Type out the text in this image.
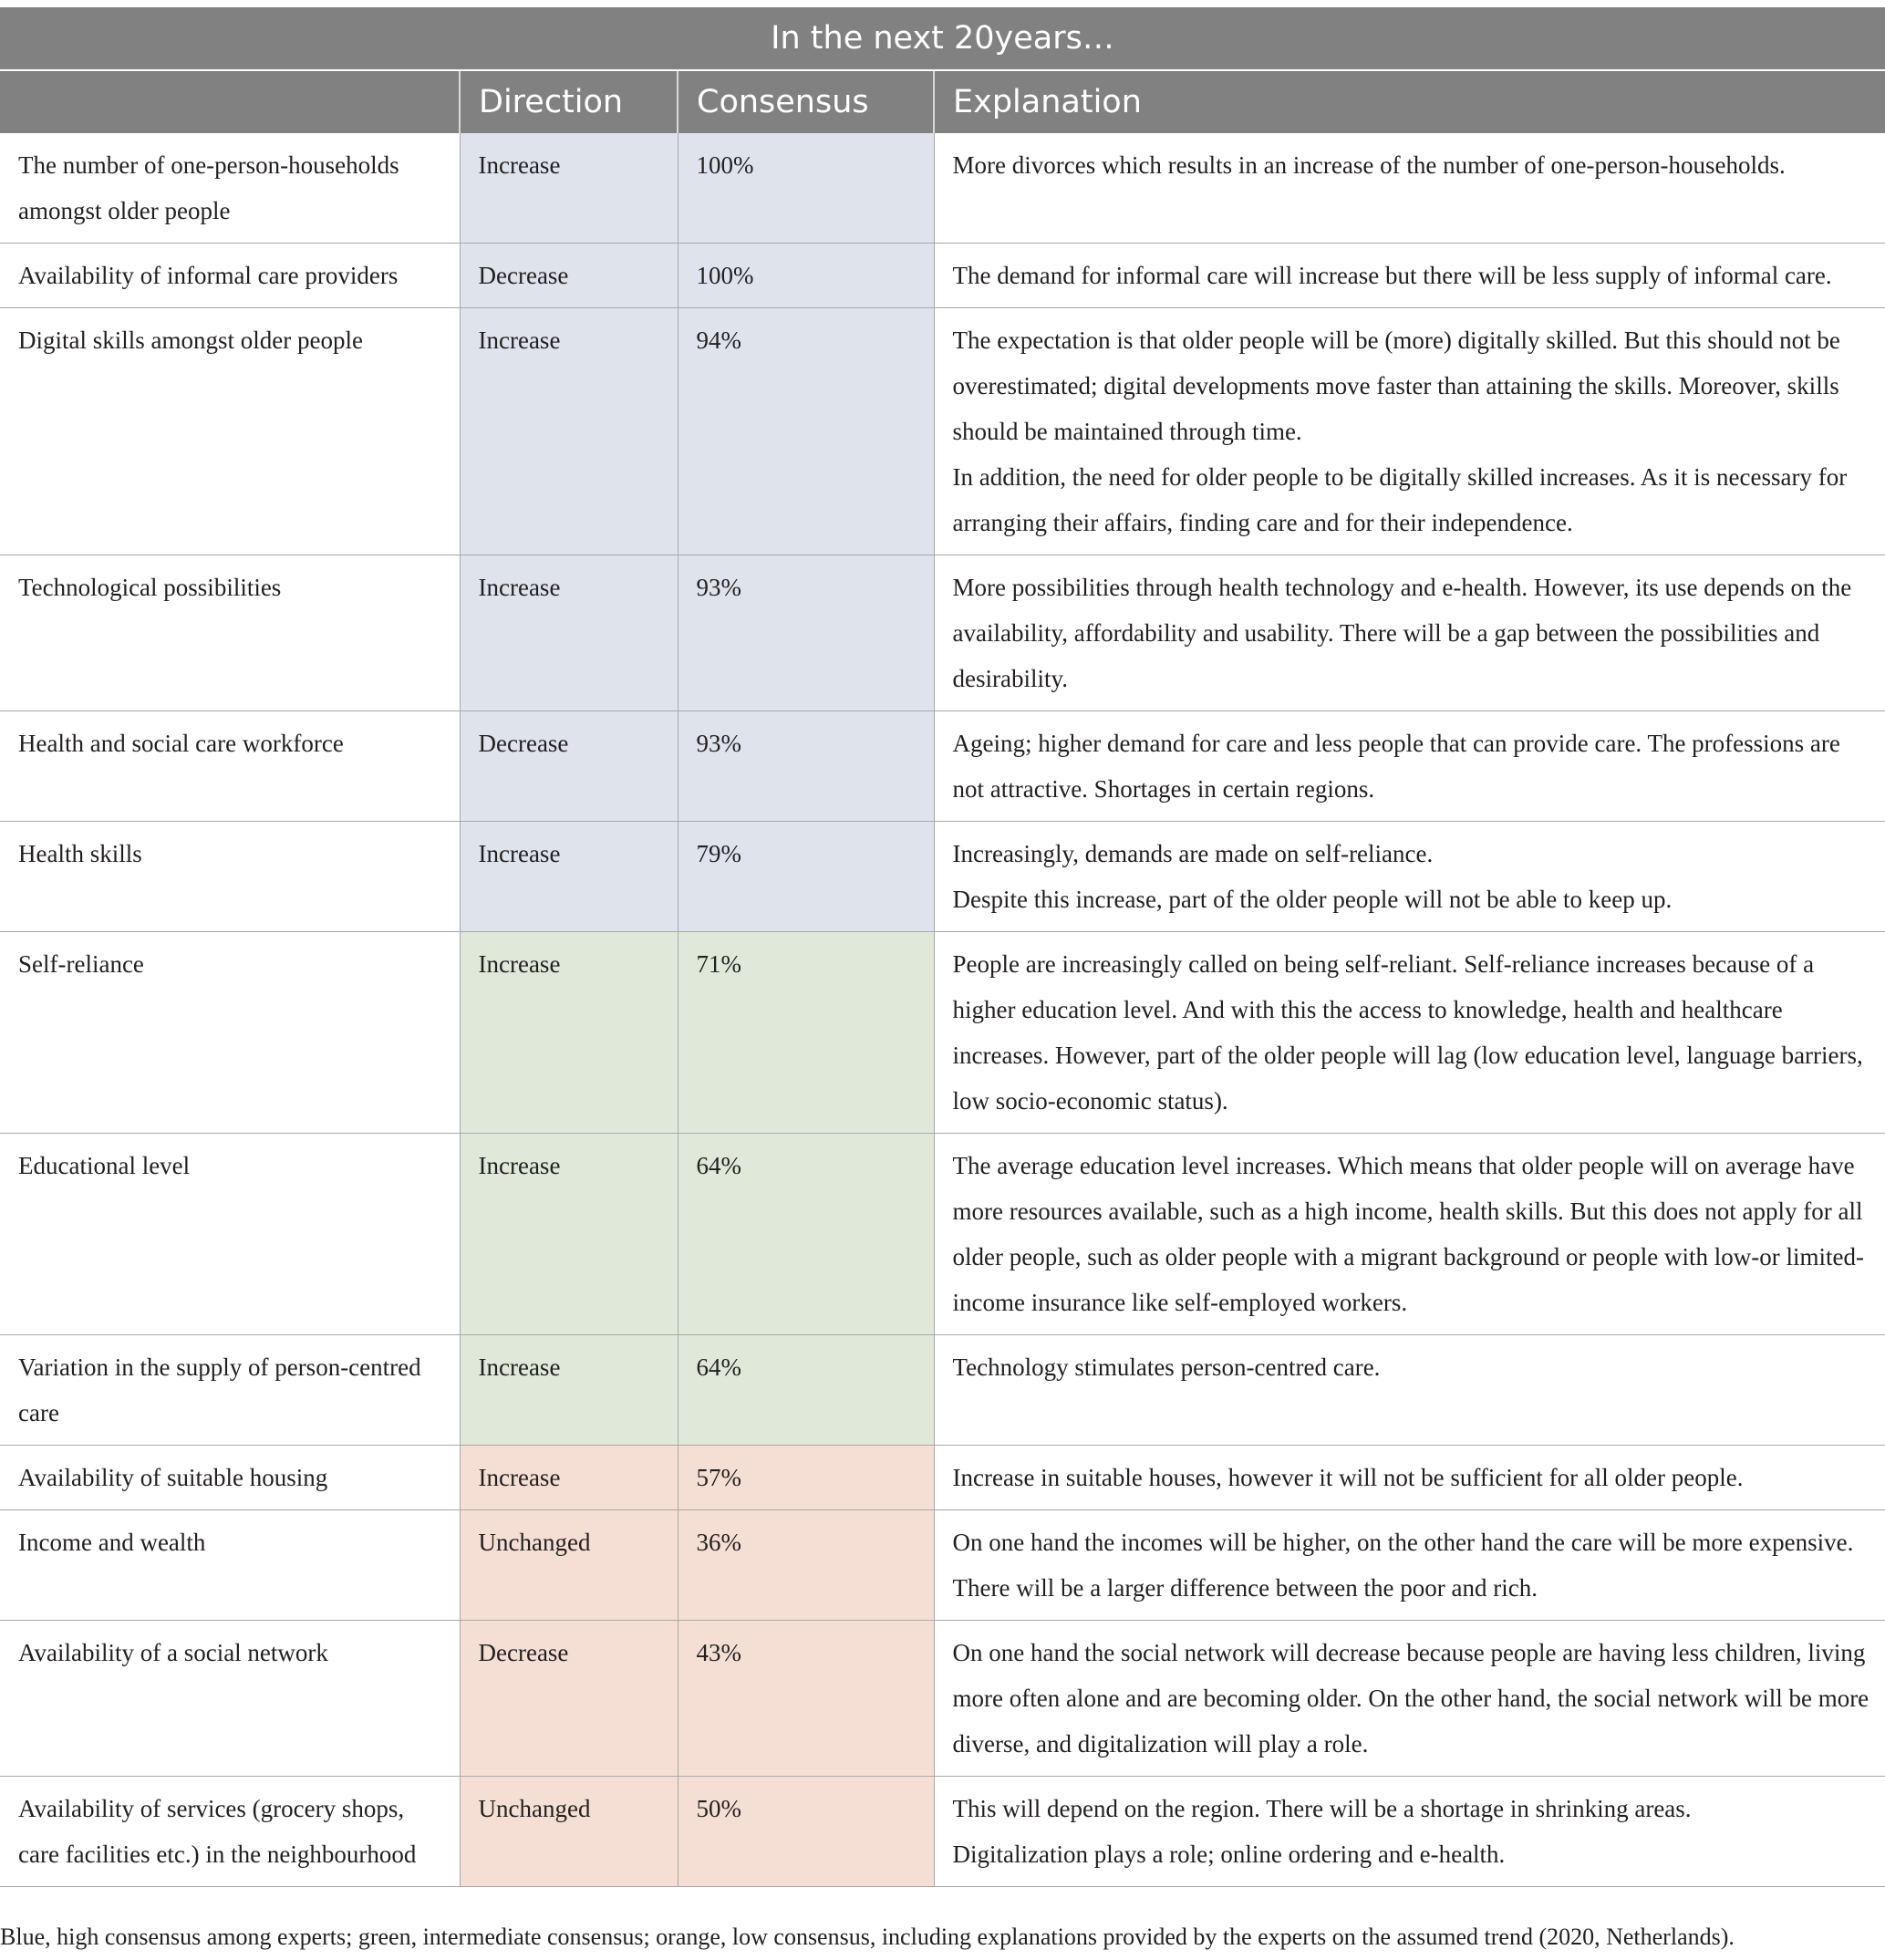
In the next 20years…			
	Direction	Consensus	Explanation
The number of one-person-households amongst older people	Increase	100%	More divorces which results in an increase of the number of one-person-households.

Availability of informal care providers	Decrease	100%	The demand for informal care will increase but there will be less supply of informal care.

Digital skills amongst older people	Increase	94%	The expectation is that older people will be (more) digitally skilled. But this should not be overestimated; digital developments move faster than attaining the skills. Moreover, skills should be maintained through time.
In addition, the need for older people to be digitally skilled increases. As it is necessary for arranging their affairs, finding care and for their independence.

Technological possibilities	Increase	93%	More possibilities through health technology and e-health. However, its use depends on the availability, affordability and usability. There will be a gap between the possibilities and desirability.

Health and social care workforce	Decrease	93%	Ageing; higher demand for care and less people that can provide care. The professions are not attractive. Shortages in certain regions.

Health skills	Increase	79%	Increasingly, demands are made on self-reliance.
Despite this increase, part of the older people will not be able to keep up.

Self-reliance	Increase	71%	People are increasingly called on being self-reliant. Self-reliance increases because of a higher education level. And with this the access to knowledge, health and healthcare increases. However, part of the older people will lag (low education level, language barriers, low socio-economic status).

Educational level	Increase	64%	The average education level increases. Which means that older people will on average have more resources available, such as a high income, health skills. But this does not apply for all older people, such as older people with a migrant background or people with low-or limited-income insurance like self-employed workers.

Variation in the supply of person-centred care	Increase	64%	Technology stimulates person-centred care.

Availability of suitable housing	Increase	57%	Increase in suitable houses, however it will not be sufficient for all older people.

Income and wealth	Unchanged	36%	On one hand the incomes will be higher, on the other hand the care will be more expensive. There will be a larger difference between the poor and rich.

Availability of a social network	Decrease	43%	On one hand the social network will decrease because people are having less children, living more often alone and are becoming older. On the other hand, the social network will be more diverse, and digitalization will play a role.

Availability of services (grocery shops, care facilities etc.) in the neighbourhood	Unchanged	50%	This will depend on the region. There will be a shortage in shrinking areas.
Digitalization plays a role; online ordering and e-health.
Blue, high consensus among experts; green, intermediate consensus; orange, low consensus, including explanations provided by the experts on the assumed trend (2020, Netherlands).
